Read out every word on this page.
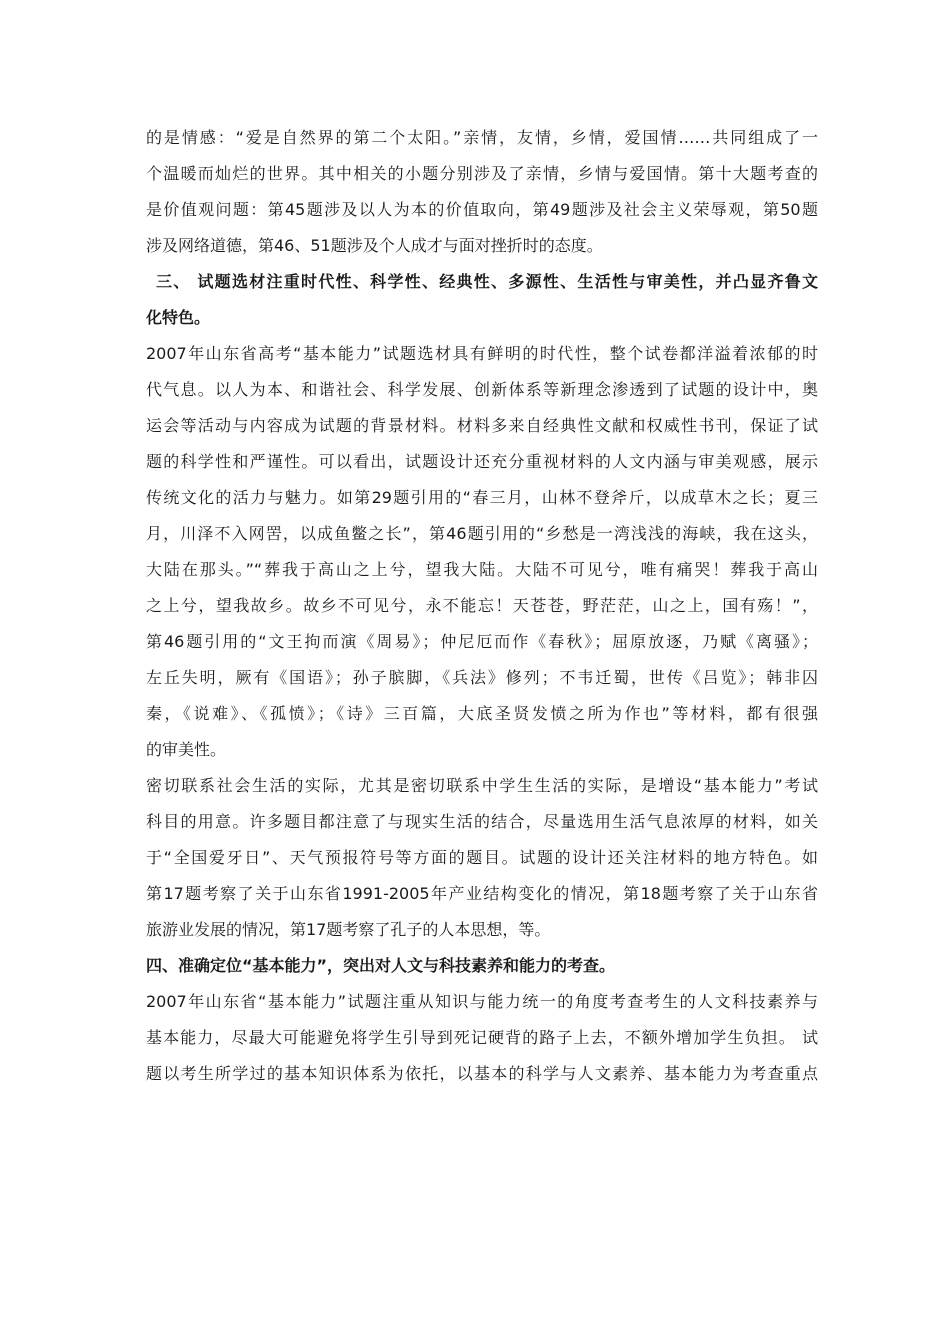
的是情感：“爱是自然界的第二个太阳。”亲情，友情，乡情，爱国情……共同组成了一
个温暖而灿烂的世界。其中相关的小题分别涉及了亲情，乡情与爱国情。第十大题考查的
是价值观问题：第45题涉及以人为本的价值取向，第49题涉及社会主义荣辱观，第50题
涉及网络道德，第46、51题涉及个人成才与面对挫折时的态度。
三、 试题选材注重时代性、科学性、经典性、多源性、生活性与审美性，并凸显齐鲁文
化特色。
2007年山东省高考“基本能力”试题选材具有鲜明的时代性，整个试卷都洋溢着浓郁的时
代气息。以人为本、和谐社会、科学发展、创新体系等新理念渗透到了试题的设计中，奥
运会等活动与内容成为试题的背景材料。材料多来自经典性文献和权威性书刊，保证了试
题的科学性和严谨性。可以看出，试题设计还充分重视材料的人文内涵与审美观感，展示
传统文化的活力与魅力。如第29题引用的“春三月，山林不登斧斤，以成草木之长；夏三
月，川泽不入网罟，以成鱼鳖之长”，第46题引用的“乡愁是一湾浅浅的海峡，我在这头，
大陆在那头。”“葬我于高山之上兮，望我大陆。大陆不可见兮，唯有痛哭！葬我于高山
之上兮，望我故乡。故乡不可见兮，永不能忘！天苍苍，野茫茫，山之上，国有殇！”，
第46题引用的“文王拘而演《周易》；仲尼厄而作《春秋》；屈原放逐，乃赋《离骚》；
左丘失明，厥有《国语》；孙子膑脚，《兵法》修列；不韦迁蜀，世传《吕览》；韩非囚
秦，《说难》、《孤愤》；《诗》三百篇，大底圣贤发愤之所为作也”等材料，都有很强
的审美性。
密切联系社会生活的实际，尤其是密切联系中学生生活的实际，是增设“基本能力”考试
科目的用意。许多题目都注意了与现实生活的结合，尽量选用生活气息浓厚的材料，如关
于“全国爱牙日”、天气预报符号等方面的题目。试题的设计还关注材料的地方特色。如
第17题考察了关于山东省1991-2005年产业结构变化的情况，第18题考察了关于山东省
旅游业发展的情况，第17题考察了孔子的人本思想，等。
四、准确定位“基本能力”，突出对人文与科技素养和能力的考查。
2007年山东省“基本能力”试题注重从知识与能力统一的角度考查考生的人文科技素养与
基本能力，尽最大可能避免将学生引导到死记硬背的路子上去，不额外增加学生负担。 试
题以考生所学过的基本知识体系为依托，以基本的科学与人文素养、基本能力为考查重点
